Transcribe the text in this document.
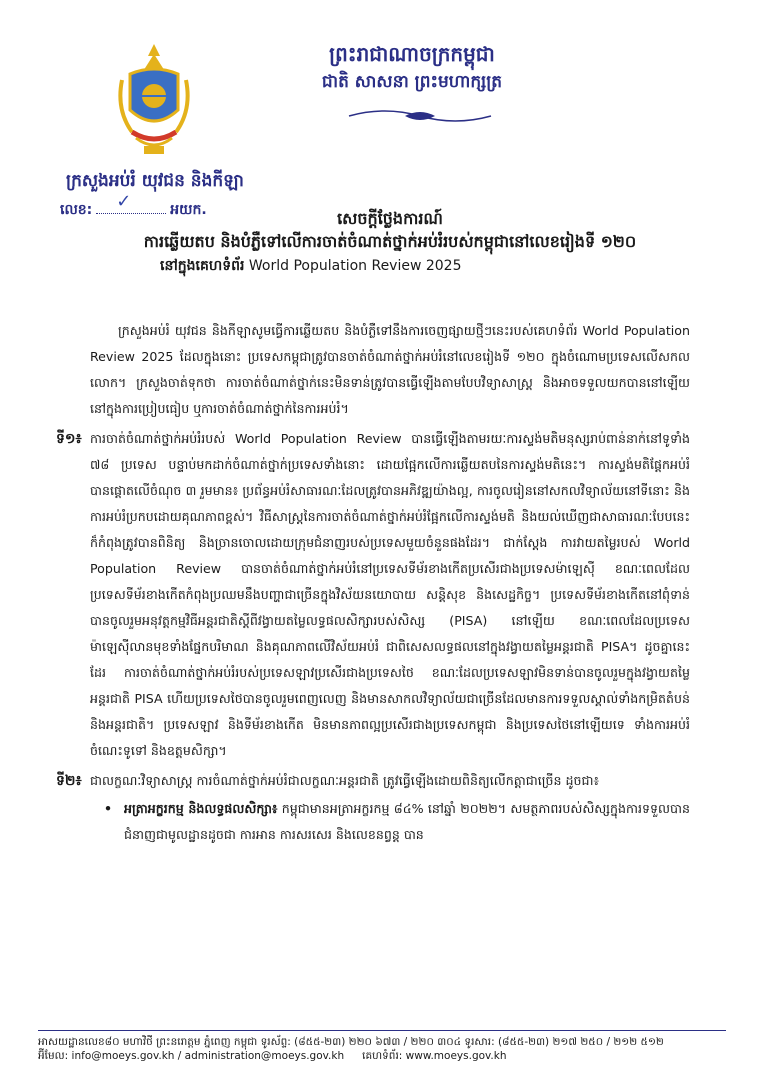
ព្រះរាជាណាចក្រកម្ពុជា
ជាតិ សាសនា ព្រះមហាក្សត្រ
ក្រសួងអប់រំ យុវជន និងកីឡា
លេខ: ✓	អយក.	សេចក្តីថ្លែងការណ៍
ការឆ្លើយតប និងបំភ្លឺទៅលើការចាត់ចំណាត់ថ្នាក់អប់រំរបស់កម្ពុជានៅលេខរៀងទី ១២០
នៅក្នុងគេហទំព័រ World Population Review 2025
ក្រសួងអប់រំ យុវជន និងកីឡាសូមធ្វើការឆ្លើយតប និងបំភ្លឺទៅនឹងការចេញផ្សាយថ្មីៗនេះរបស់គេហទំព័រ World Population Review 2025 ដែលក្នុងនោះ ប្រទេសកម្ពុជាត្រូវបានចាត់ចំណាត់ថ្នាក់អប់រំនៅលេខរៀងទី ១២០ ក្នុងចំណោមប្រទេសលើសកលលោក។ ក្រសួងចាត់ទុកថា ការចាត់ចំណាត់ថ្នាក់នេះមិនទាន់ត្រូវបានធ្វើឡើងតាមបែបវិទ្យាសាស្ត្រ និងអាចទទួលយកបាននៅឡើយ នៅក្នុងការប្រៀបធៀប ឬការចាត់ចំណាត់ថ្នាក់នៃការអប់រំ។
ទី១៖ ការចាត់ចំណាត់ថ្នាក់អប់រំរបស់ World Population Review បានធ្វើឡើងតាមរយៈការស្ទង់មតិមនុស្សរាប់ពាន់នាក់នៅទូទាំង ៧៨ ប្រទេស បន្ទាប់មកដាក់ចំណាត់ថ្នាក់ប្រទេសទាំងនោះ ដោយផ្អែកលើការឆ្លើយតបនៃការស្ទង់មតិនេះ។ ការស្ទង់មតិផ្តែកអប់រំបានផ្តោតលើចំណុច ៣ រួមមាន៖ ប្រព័ន្ធអប់រំសាធារណៈដែលត្រូវបានអភិវឌ្ឍយ៉ាងល្អ, ការចូលរៀននៅសកលវិទ្យាល័យនៅទីនោះ និងការអប់រំប្រកបដោយគុណភាពខ្ពស់។ វិធីសាស្ត្រនៃការចាត់ចំណាត់ថ្នាក់អប់រំផ្អែកលើការស្ទង់មតិ និងយល់ឃើញជាសាធារណៈបែបនេះ ក៏កំពុងត្រូវបានពិនិត្យ និងច្រានចោលដោយក្រុមជំនាញរបស់ប្រទេសមួយចំនួនផងដែរ។ ជាក់ស្តែង ការវាយតម្លៃរបស់ World Population Review បានចាត់ចំណាត់ថ្នាក់អប់រំនៅប្រទេសទីម័រខាងកើតប្រសើរជាងប្រទេសម៉ាឡេស៊ី ខណៈពេលដែលប្រទេសទីម័រខាងកើតកំពុងប្រឈមនឹងបញ្ហាជាច្រើនក្នុងវិស័យនយោបាយ សន្តិសុខ និងសេដ្ឋកិច្ច។ ប្រទេសទីម័រខាងកើតនៅពុំទាន់បានចូលរួមអនុវត្តកម្មវិធីអន្តរជាតិស្តីពីវង្វាយតម្លៃលទ្ធផលសិក្សារបស់សិស្ស (PISA) នៅឡើយ ខណៈពេលដែលប្រទេសម៉ាឡេស៊ីលានមុខទាំងផ្នែកបរិមាណ និងគុណភាពលើវិស័យអប់រំ ជាពិសេសលទ្ធផលនៅក្នុងវង្វាយតម្លៃអន្តរជាតិ PISA។ ដូចគ្នានេះដែរ ការចាត់ចំណាត់ថ្នាក់អប់រំរបស់ប្រទេសឡាវប្រសើរជាងប្រទេសថៃ ខណៈដែលប្រទេសឡាវមិនទាន់បានចូលរួមក្នុងវង្វាយតម្លៃអន្តរជាតិ PISA ហើយប្រទេសថៃបានចូលរួមពេញលេញ និងមានសាកលវិទ្យាល័យជាច្រើនដែលមានការទទួលស្គាល់ទាំងកម្រិតតំបន់ និងអន្តរជាតិ។ ប្រទេសឡាវ និងទីម័រខាងកើត មិនមានភាពល្អប្រសើរជាងប្រទេសកម្ពុជា និងប្រទេសថៃនៅឡើយទេ ទាំងការអប់រំចំណេះទូទៅ និងឧត្តមសិក្សា។
ទី២៖ ជាលក្ខណៈវិទ្យាសាស្ត្រ ការចំណាត់ថ្នាក់អប់រំជាលក្ខណៈអន្តរជាតិ ត្រូវធ្វើឡើងដោយពិនិត្យលើកត្តាជាច្រើន ដូចជា៖
• អត្រាអក្ខរកម្ម និងលទ្ធផលសិក្សា៖ កម្ពុជាមានអត្រាអក្ខរកម្ម ៨៤% នៅឆ្នាំ ២០២២។ សមត្ថភាពរបស់សិស្សក្នុងការទទួលបានជំនាញជាមូលដ្ឋានដូចជា ការអាន ការសរសេរ និងលេខនព្វន្ត បាន
អាសយដ្ឋានលេខ៨០ មហាវិថី ព្រះនរោត្តម ភ្នំពេញ កម្ពុជា ទូរស័ព្ទ: (៨៥៥-២៣) ២២០ ៦៧៣ / ២២០ ៣០៤ ទូរសារ: (៨៥៥-២៣) ២១៧ ២៥០ / ២១២ ៥១២
អ៊ីមែល: info@moeys.gov.kh / administration@moeys.gov.kh គេហទំព័រ: www.moeys.gov.kh
